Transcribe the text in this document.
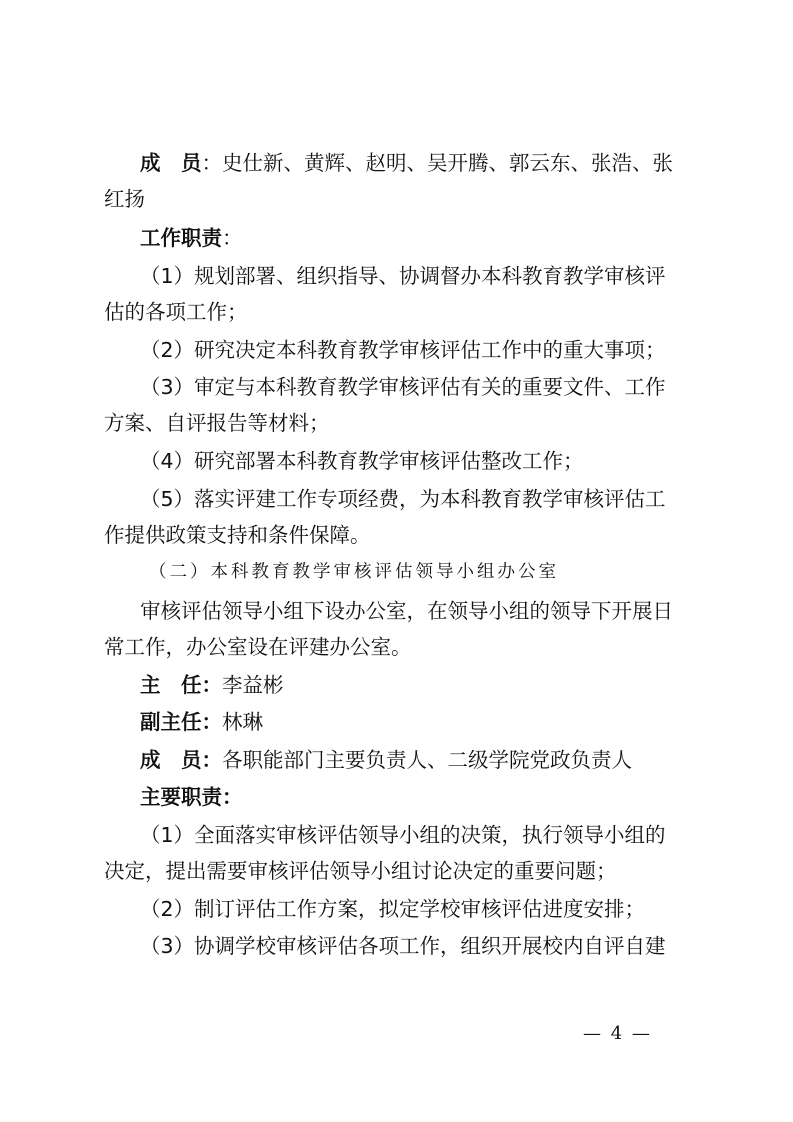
成　员：史仕新、黄辉、赵明、吴开腾、郭云东、张浩、张
红扬
工作职责：
（1）规划部署、组织指导、协调督办本科教育教学审核评
估的各项工作；
（2）研究决定本科教育教学审核评估工作中的重大事项；
（3）审定与本科教育教学审核评估有关的重要文件、工作
方案、自评报告等材料；
（4）研究部署本科教育教学审核评估整改工作；
（5）落实评建工作专项经费，为本科教育教学审核评估工
作提供政策支持和条件保障。
（二）本科教育教学审核评估领导小组办公室
审核评估领导小组下设办公室，在领导小组的领导下开展日
常工作，办公室设在评建办公室。
主　任：李益彬
副主任：林琳
成　员：各职能部门主要负责人、二级学院党政负责人
主要职责：
（1）全面落实审核评估领导小组的决策，执行领导小组的
决定，提出需要审核评估领导小组讨论决定的重要问题；
（2）制订评估工作方案，拟定学校审核评估进度安排；
（3）协调学校审核评估各项工作，组织开展校内自评自建
— 4 —
